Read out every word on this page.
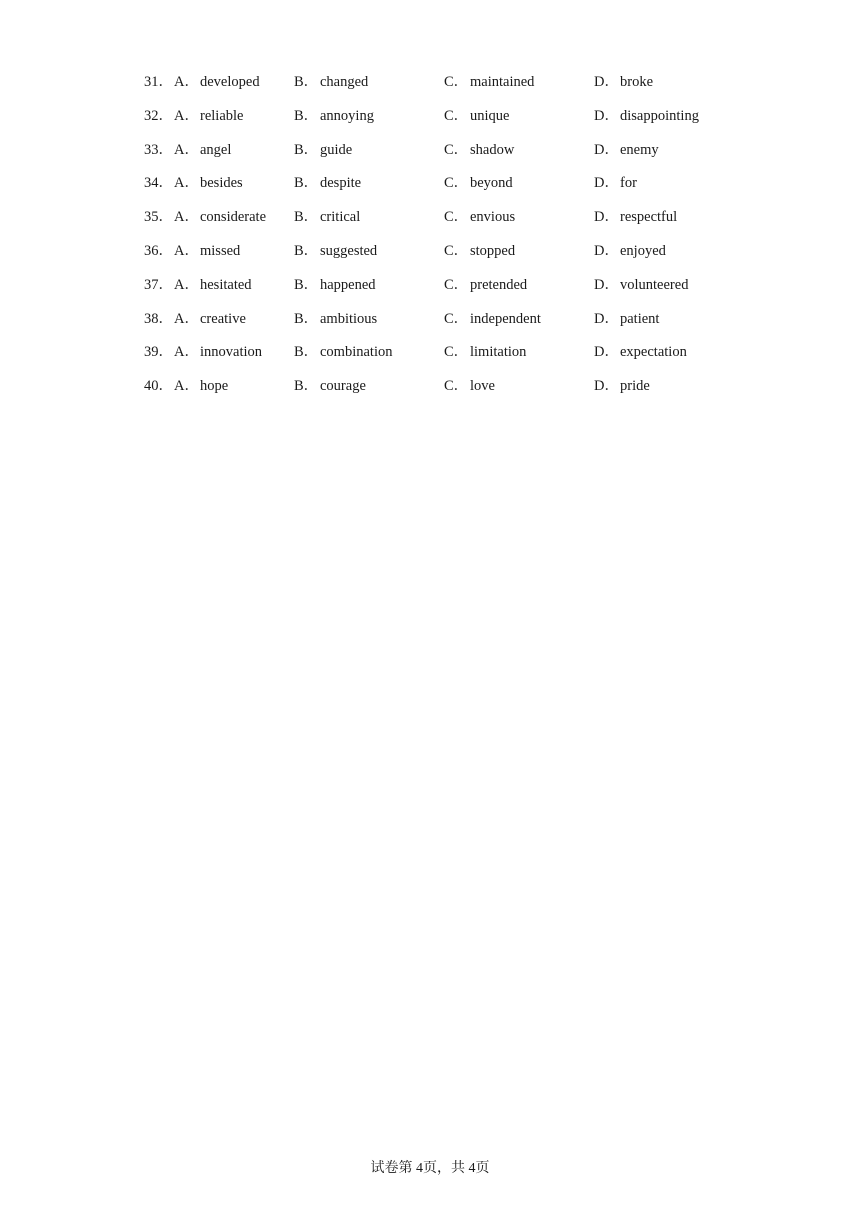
31． A．developed B． changed	C． maintained	D．broke
32． A．reliable	B． annoying	C． unique	D．disappointing
33． A．angel	B． guide	C． shadow	D．enemy
34． A．besides	B． despite	C． beyond	D．for
35． A．considerate B． critical	C． envious	D．respectful
36． A．missed	B． suggested	C． stopped	D．enjoyed
37． A．hesitated	B． happened	C． pretended	D．volunteered
38． A．creative	B． ambitious	C． independent	D．patient
39． A．innovation B． combination	C． limitation	D．expectation
40． A．hope	B． courage	C． love	D．pride
试卷第 4页，共 4页
